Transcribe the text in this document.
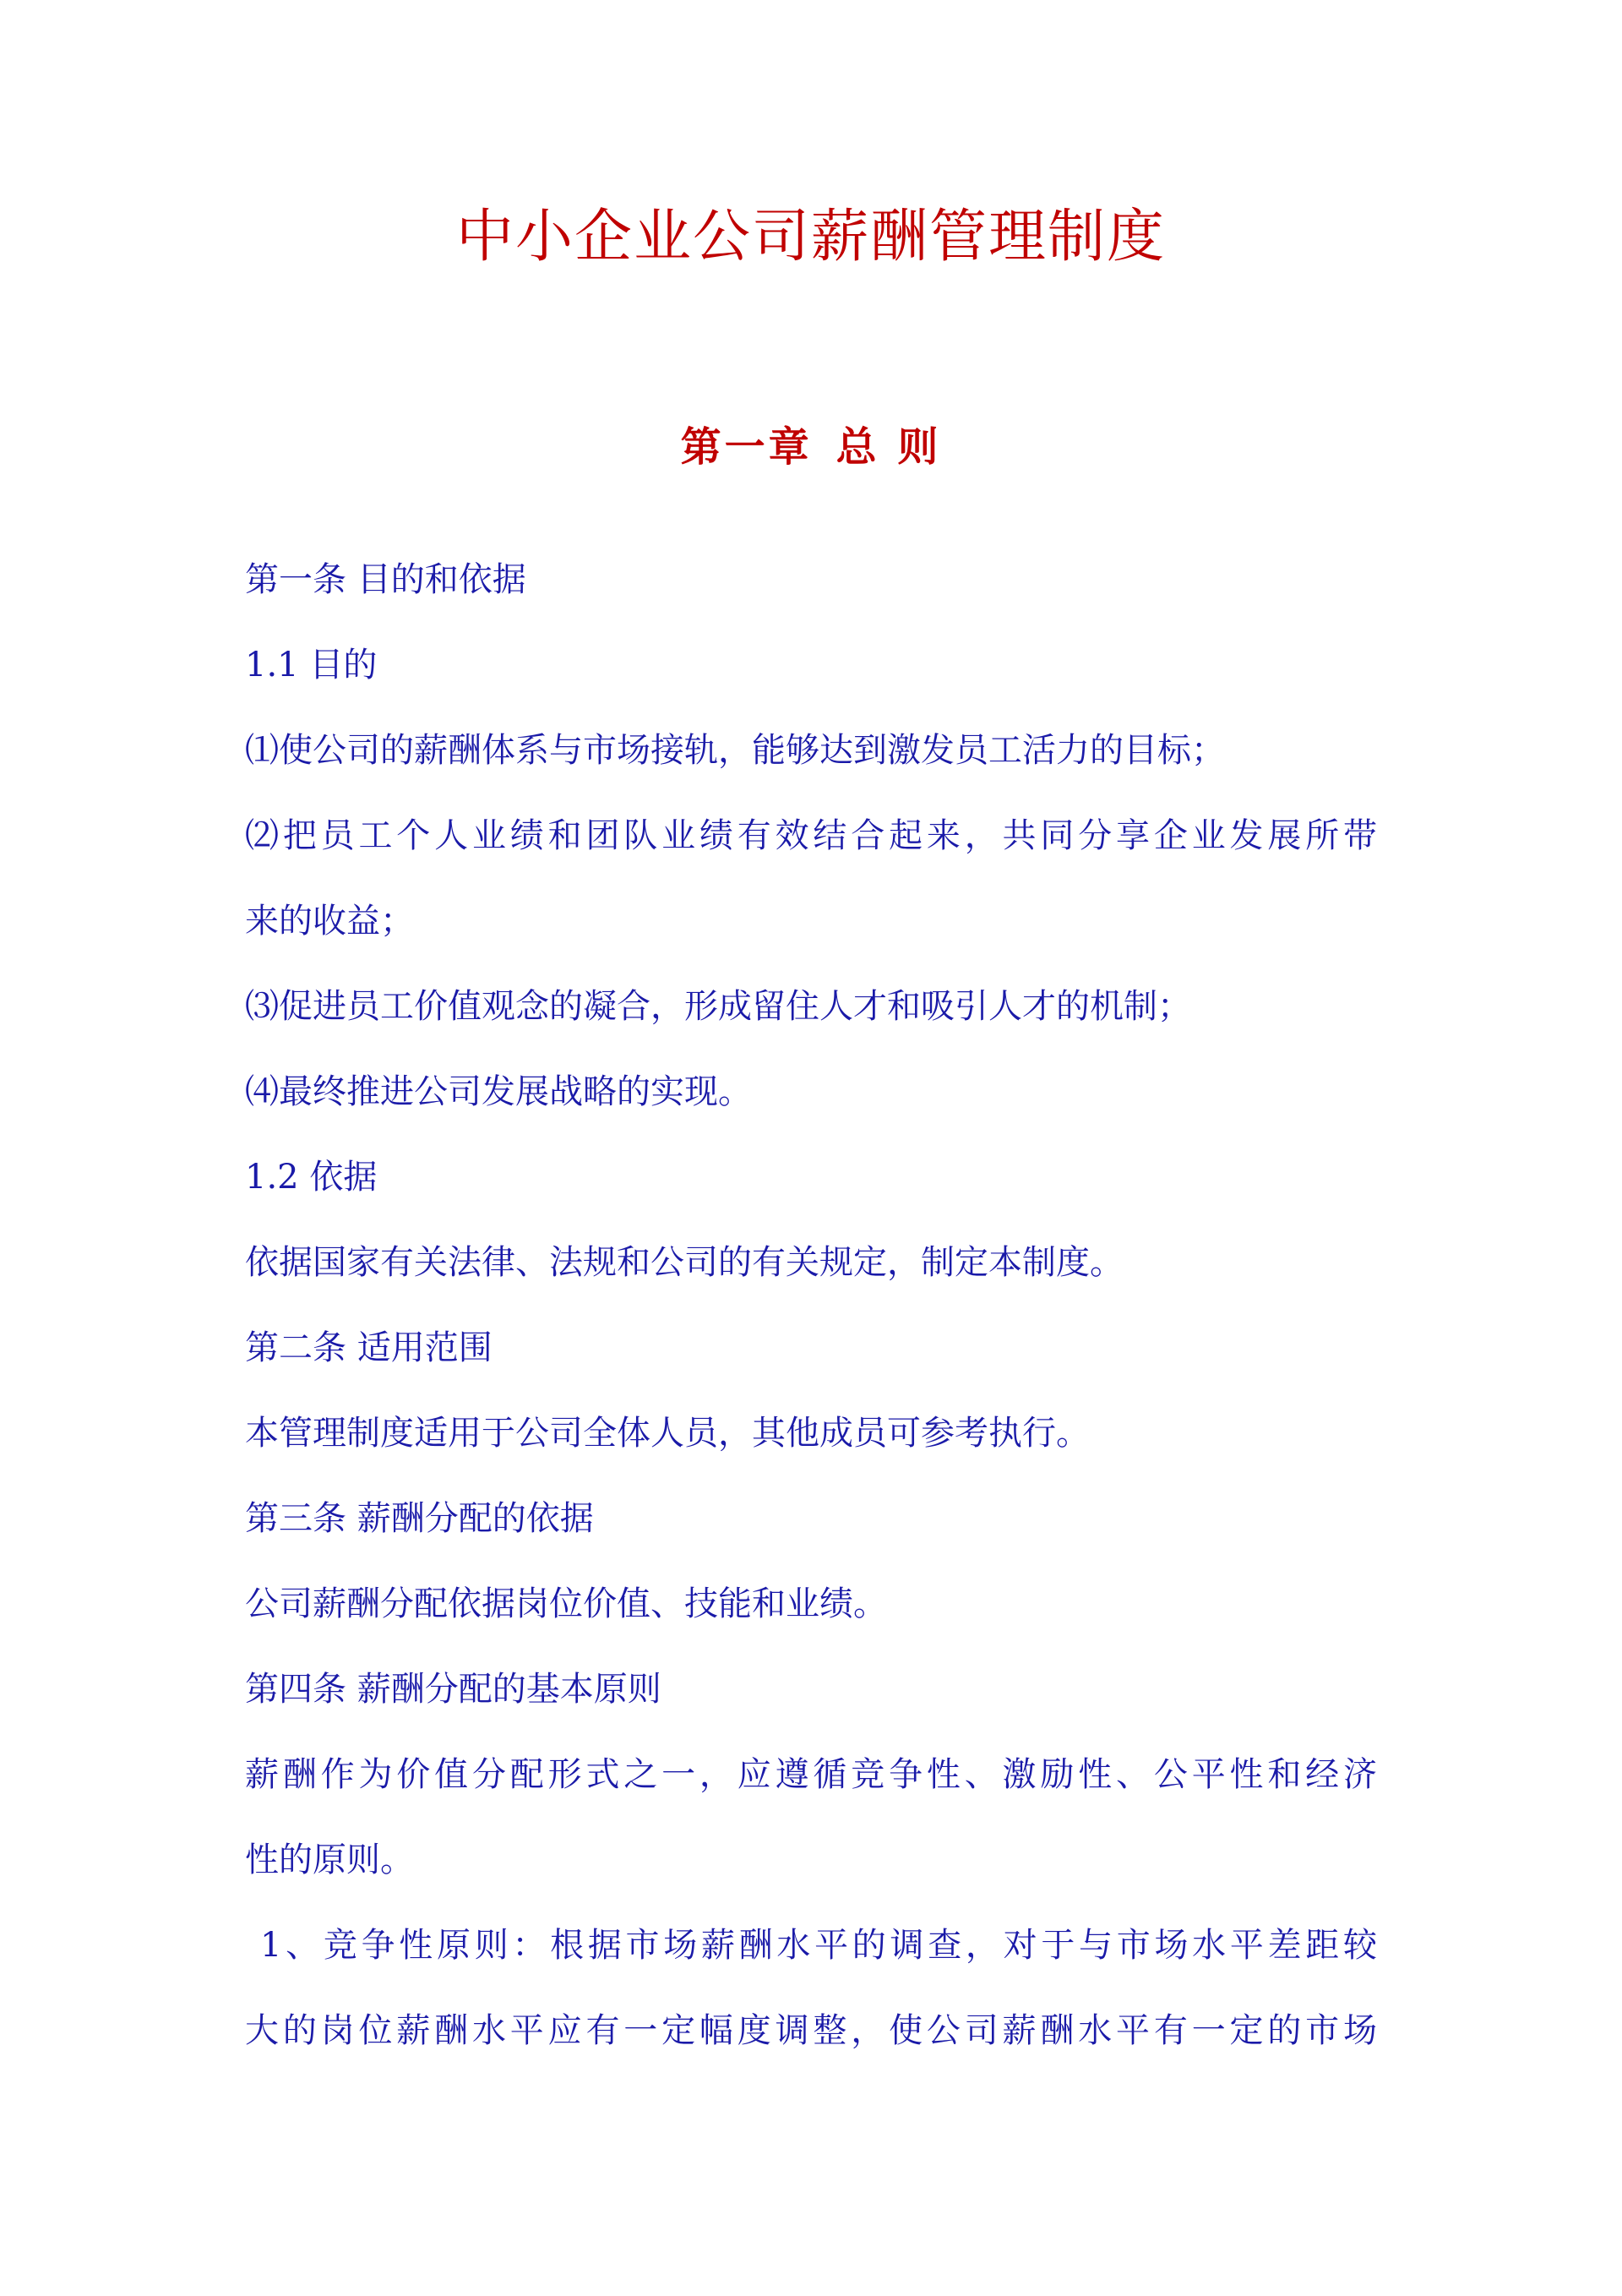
中小企业公司薪酬管理制度
第一章 总 则
第一条 目的和依据
1.1 目的
⑴使公司的薪酬体系与市场接轨，能够达到激发员工活力的目标；
⑵把员工个人业绩和团队业绩有效结合起来，共同分享企业发展所带
来的收益；
⑶促进员工价值观念的凝合，形成留住人才和吸引人才的机制；
⑷最终推进公司发展战略的实现。
1.2 依据
依据国家有关法律、法规和公司的有关规定，制定本制度。
第二条 适用范围
本管理制度适用于公司全体人员，其他成员可参考执行。
第三条 薪酬分配的依据
公司薪酬分配依据岗位价值、技能和业绩。
第四条 薪酬分配的基本原则
薪酬作为价值分配形式之一，应遵循竞争性、激励性、公平性和经济
性的原则。
1、竞争性原则：根据市场薪酬水平的调查，对于与市场水平差距较
大的岗位薪酬水平应有一定幅度调整，使公司薪酬水平有一定的市场
